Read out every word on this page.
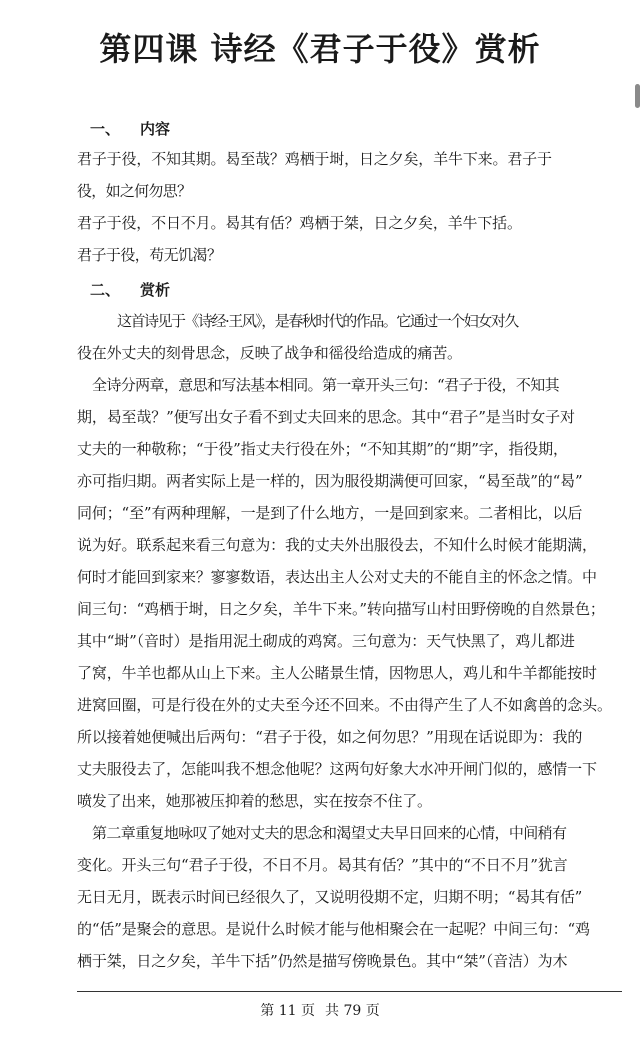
第四课 诗经《君子于役》赏析
一、 内容
君子于役，不知其期。曷至哉？鸡栖于埘，日之夕矣，羊牛下来。君子于
役，如之何勿思？
君子于役，不日不月。曷其有佸？鸡栖于桀，日之夕矣，羊牛下括。
君子于役，苟无饥渴？
二、 赏析
这首诗见于《诗经·王风》，是春秋时代的作品。它通过一个妇女对久
役在外丈夫的刻骨思念，反映了战争和徭役给造成的痛苦。
全诗分两章，意思和写法基本相同。第一章开头三句：“君子于役，不知其
期，曷至哉？”便写出女子看不到丈夫回来的思念。其中“君子”是当时女子对
丈夫的一种敬称；“于役”指丈夫行役在外；“不知其期”的“期”字，指役期，
亦可指归期。两者实际上是一样的，因为服役期满便可回家，“曷至哉”的“曷”
同何；“至”有两种理解，一是到了什么地方，一是回到家来。二者相比，以后
说为好。联系起来看三句意为：我的丈夫外出服役去，不知什么时候才能期满，
何时才能回到家来？寥寥数语，表达出主人公对丈夫的不能自主的怀念之情。中
间三句：“鸡栖于埘，日之夕矣，羊牛下来。”转向描写山村田野傍晚的自然景色；
其中“埘”（音时）是指用泥土砌成的鸡窝。三句意为：天气快黑了，鸡儿都进
了窝，牛羊也都从山上下来。主人公睹景生情，因物思人，鸡儿和牛羊都能按时
进窝回圈，可是行役在外的丈夫至今还不回来。不由得产生了人不如禽兽的念头。
所以接着她便喊出后两句：“君子于役，如之何勿思？”用现在话说即为：我的
丈夫服役去了，怎能叫我不想念他呢？这两句好象大水冲开闸门似的，感情一下
喷发了出来，她那被压抑着的愁思，实在按奈不住了。
第二章重复地咏叹了她对丈夫的思念和渴望丈夫早日回来的心情，中间稍有
变化。开头三句“君子于役，不日不月。曷其有佸？”其中的“不日不月”犹言
无日无月，既表示时间已经很久了，又说明役期不定，归期不明；“曷其有佸”
的“佸”是聚会的意思。是说什么时候才能与他相聚会在一起呢？中间三句：“鸡
栖于桀，日之夕矣，羊牛下括”仍然是描写傍晚景色。其中“桀”（音洁）为木
第 11 页 共 79 页
